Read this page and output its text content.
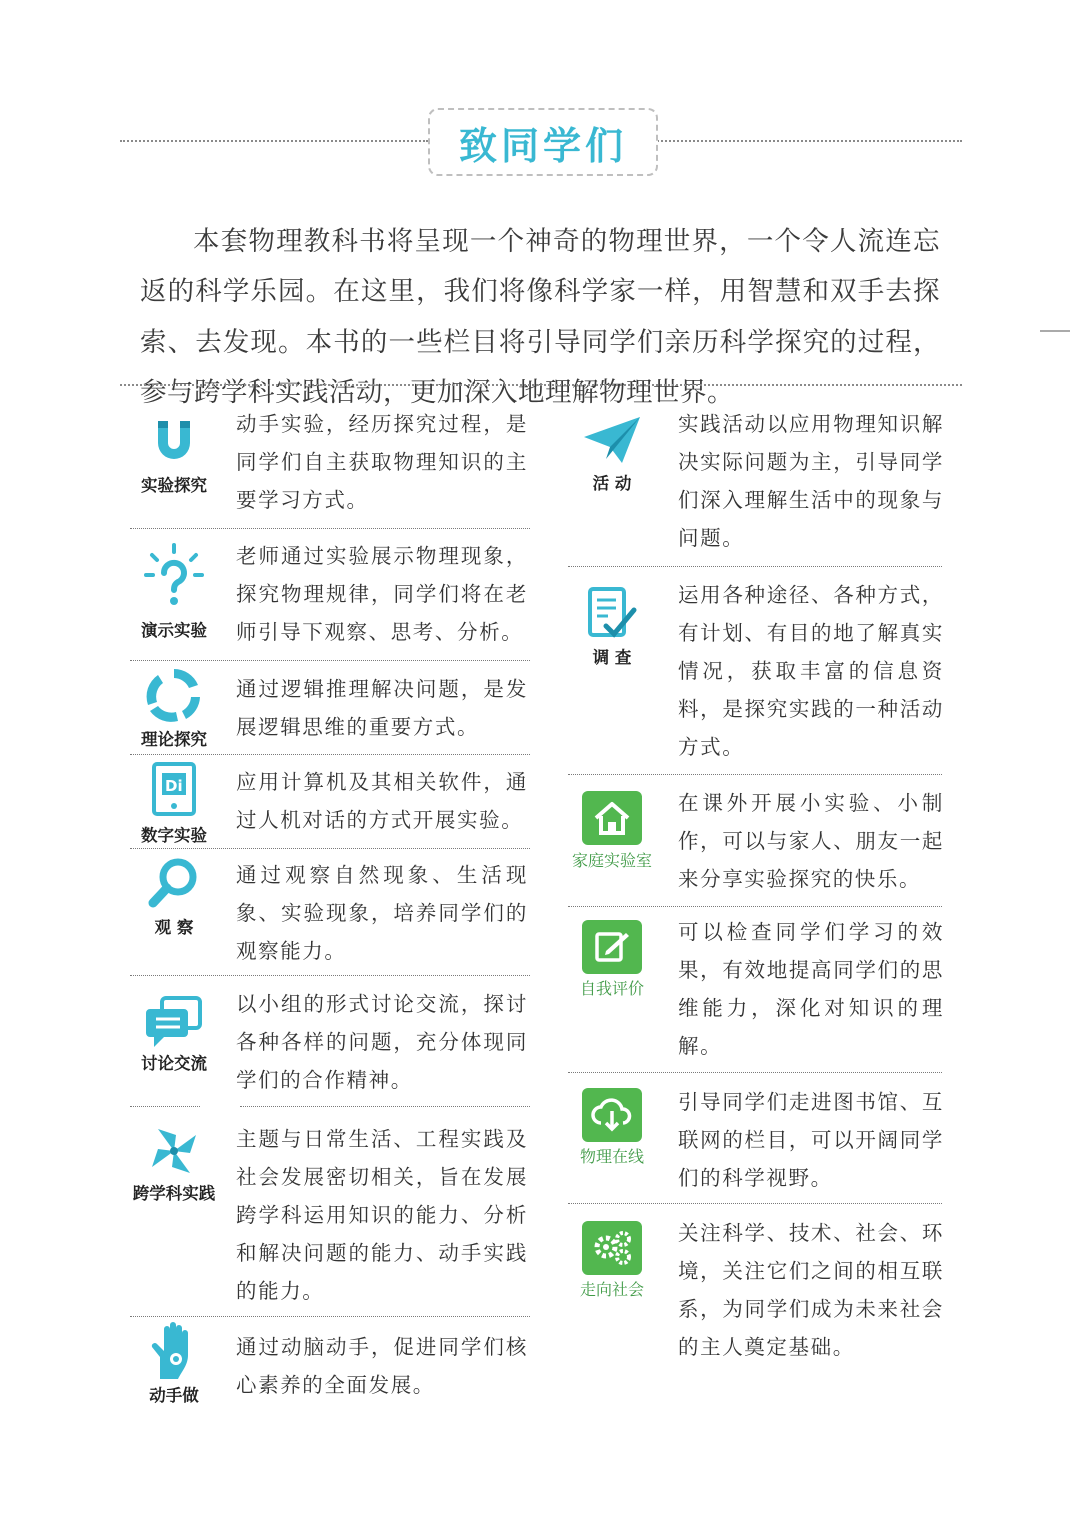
致同学们

本套物理教科书将呈现一个神奇的物理世界，一个令人流连忘返的科学乐园。在这里，我们将像科学家一样，用智慧和双手去探索、去发现。本书的一些栏目将引导同学们亲历科学探究的过程，参与跨学科实践活动，更加深入地理解物理世界。

实验探究
动手实验，经历探究过程，是同学们自主获取物理知识的主要学习方式。
演示实验
老师通过实验展示物理现象，探究物理规律，同学们将在老师引导下观察、思考、分析。
理论探究
通过逻辑推理解决问题，是发展逻辑思维的重要方式。
Di
数字实验
应用计算机及其相关软件，通过人机对话的方式开展实验。
观 察
通过观察自然现象、生活现象、实验现象，培养同学们的观察能力。
讨论交流
以小组的形式讨论交流，探讨各种各样的问题，充分体现同学们的合作精神。
跨学科实践
主题与日常生活、工程实践及社会发展密切相关，旨在发展跨学科运用知识的能力、分析和解决问题的能力、动手实践的能力。
动手做
通过动脑动手，促进同学们核心素养的全面发展。
活 动
实践活动以应用物理知识解决实际问题为主，引导同学们深入理解生活中的现象与问题。
调 查
运用各种途径、各种方式，有计划、有目的地了解真实情况，获取丰富的信息资料，是探究实践的一种活动方式。
家庭实验室
在课外开展小实验、小制作，可以与家人、朋友一起来分享实验探究的快乐。
自我评价
可以检查同学们学习的效果，有效地提高同学们的思维能力，深化对知识的理解。
物理在线
引导同学们走进图书馆、互联网的栏目，可以开阔同学们的科学视野。
走向社会
关注科学、技术、社会、环境，关注它们之间的相互联系，为同学们成为未来社会的主人奠定基础。
